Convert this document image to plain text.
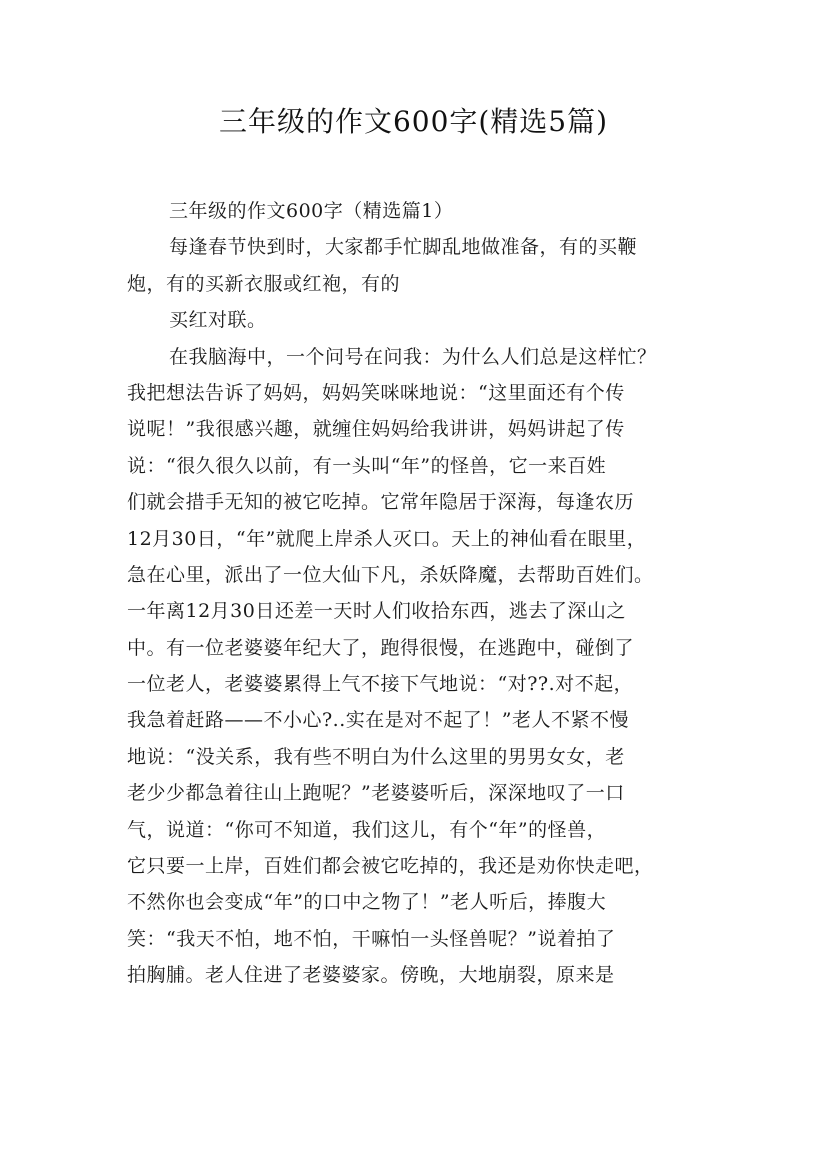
三年级的作文600字(精选5篇)
三年级的作文600字（精选篇1）
每逢春节快到时，大家都手忙脚乱地做准备，有的买鞭
炮，有的买新衣服或红袍，有的
买红对联。
在我脑海中，一个问号在问我：为什么人们总是这样忙？
我把想法告诉了妈妈，妈妈笑咪咪地说：“这里面还有个传
说呢！”我很感兴趣，就缠住妈妈给我讲讲，妈妈讲起了传
说：“很久很久以前，有一头叫“年”的怪兽，它一来百姓
们就会措手无知的被它吃掉。它常年隐居于深海，每逢农历
12月30日，“年”就爬上岸杀人灭口。天上的神仙看在眼里，
急在心里，派出了一位大仙下凡，杀妖降魔，去帮助百姓们。
一年离12月30日还差一天时人们收拾东西，逃去了深山之
中。有一位老婆婆年纪大了，跑得很慢，在逃跑中，碰倒了
一位老人，老婆婆累得上气不接下气地说：“对??.对不起，
我急着赶路——不小心?..实在是对不起了！”老人不紧不慢
地说：“没关系，我有些不明白为什么这里的男男女女，老
老少少都急着往山上跑呢？”老婆婆听后，深深地叹了一口
气，说道：“你可不知道，我们这儿，有个“年”的怪兽，
它只要一上岸，百姓们都会被它吃掉的，我还是劝你快走吧，
不然你也会变成“年”的口中之物了！”老人听后，捧腹大
笑：“我天不怕，地不怕，干嘛怕一头怪兽呢？”说着拍了
拍胸脯。老人住进了老婆婆家。傍晚，大地崩裂，原来是
